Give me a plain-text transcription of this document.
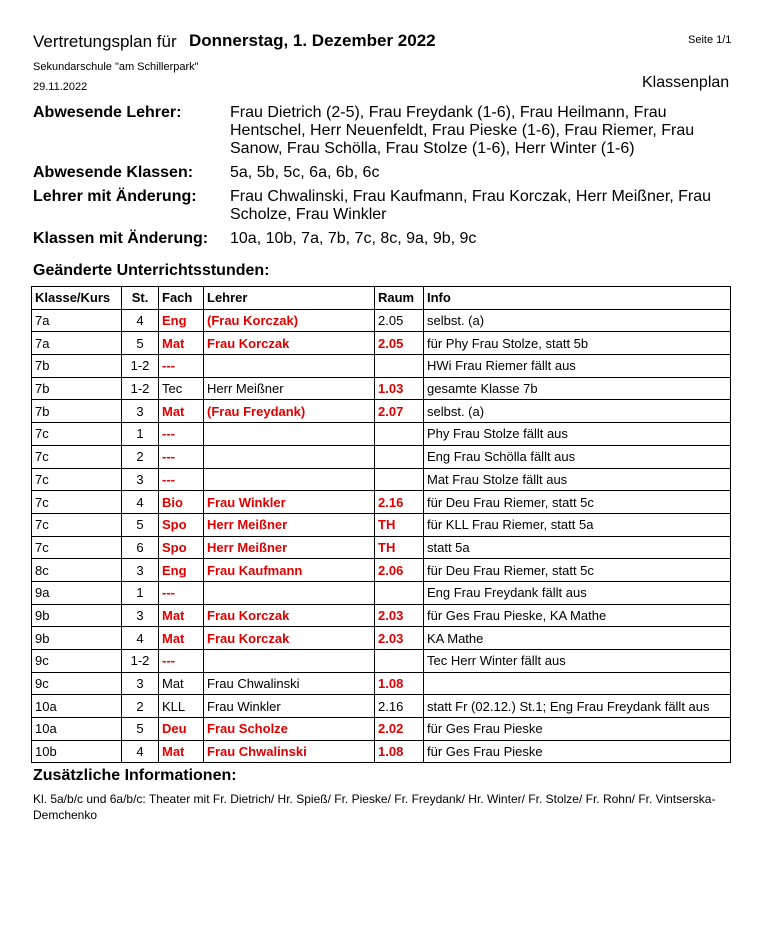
Vertretungsplan für Donnerstag, 1. Dezember 2022	Seite 1/1
Sekundarschule "am Schillerpark"
29.11.2022	Klassenplan
Abwesende Lehrer:	Frau Dietrich (2-5), Frau Freydank (1-6), Frau Heilmann, Frau Hentschel, Herr Neuenfeldt, Frau Pieske (1-6), Frau Riemer, Frau Sanow, Frau Schölla, Frau Stolze (1-6), Herr Winter (1-6)
Abwesende Klassen:	5a, 5b, 5c, 6a, 6b, 6c
Lehrer mit Änderung:	Frau Chwalinski, Frau Kaufmann, Frau Korczak, Herr Meißner, Frau Scholze, Frau Winkler
Klassen mit Änderung:	10a, 10b, 7a, 7b, 7c, 8c, 9a, 9b, 9c
Geänderte Unterrichtsstunden:
Klasse/Kurs	St.	Fach	Lehrer	Raum	Info
7a	4	Eng	(Frau Korczak)	2.05	selbst. (a)
7a	5	Mat	Frau Korczak	2.05	für Phy Frau Stolze, statt 5b
7b	1-2	---			HWi Frau Riemer fällt aus
7b	1-2	Tec	Herr Meißner	1.03	gesamte Klasse 7b
7b	3	Mat	(Frau Freydank)	2.07	selbst. (a)
7c	1	---			Phy Frau Stolze fällt aus
7c	2	---			Eng Frau Schölla fällt aus
7c	3	---			Mat Frau Stolze fällt aus
7c	4	Bio	Frau Winkler	2.16	für Deu Frau Riemer, statt 5c
7c	5	Spo	Herr Meißner	TH	für KLL Frau Riemer, statt 5a
7c	6	Spo	Herr Meißner	TH	statt 5a
8c	3	Eng	Frau Kaufmann	2.06	für Deu Frau Riemer, statt 5c
9a	1	---			Eng Frau Freydank fällt aus
9b	3	Mat	Frau Korczak	2.03	für Ges Frau Pieske, KA Mathe
9b	4	Mat	Frau Korczak	2.03	KA Mathe
9c	1-2	---			Tec Herr Winter fällt aus
9c	3	Mat	Frau Chwalinski	1.08	
10a	2	KLL	Frau Winkler	2.16	statt Fr (02.12.) St.1; Eng Frau Freydank fällt aus
10a	5	Deu	Frau Scholze	2.02	für Ges Frau Pieske
10b	4	Mat	Frau Chwalinski	1.08	für Ges Frau Pieske
Zusätzliche Informationen:
Kl. 5a/b/c und 6a/b/c: Theater mit Fr. Dietrich/ Hr. Spieß/ Fr. Pieske/ Fr. Freydank/ Hr. Winter/ Fr. Stolze/ Fr. Rohn/ Fr. Vintserska-Demchenko
